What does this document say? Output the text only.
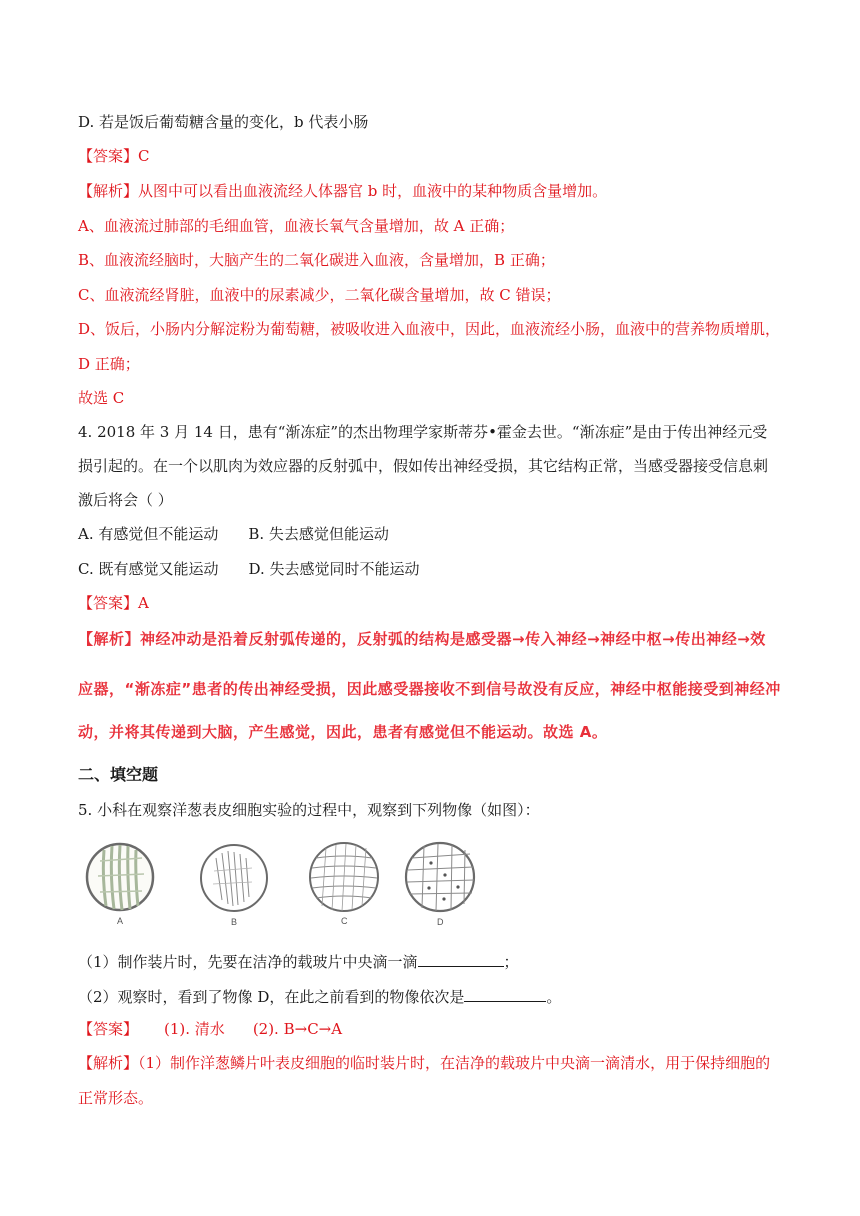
D. 若是饭后葡萄糖含量的变化，b 代表小肠
【答案】C
【解析】从图中可以看出血液流经人体器官 b 时，血液中的某种物质含量增加。
A、血液流过肺部的毛细血管，血液长氧气含量增加，故 A 正确；
B、血液流经脑时，大脑产生的二氧化碳进入血液，含量增加，B 正确；
C、血液流经肾脏，血液中的尿素减少，二氧化碳含量增加，故 C 错误；
D、饭后，小肠内分解淀粉为葡萄糖，被吸收进入血液中，因此，血液流经小肠，血液中的营养物质增肌，
D 正确；
故选 C
4. 2018 年 3 月 14 日，患有“渐冻症”的杰出物理学家斯蒂芬•霍金去世。“渐冻症”是由于传出神经元受
损引起的。在一个以肌肉为效应器的反射弧中，假如传出神经受损，其它结构正常，当感受器接受信息刺
激后将会（ ）
A. 有感觉但不能运动 B. 失去感觉但能运动
C. 既有感觉又能运动 D. 失去感觉同时不能运动
【答案】A
【解析】神经冲动是沿着反射弧传递的，反射弧的结构是感受器→传入神经→神经中枢→传出神经→效
应器，“渐冻症”患者的传出神经受损，因此感受器接收不到信号故没有反应，神经中枢能接受到神经冲
动，并将其传递到大脑，产生感觉，因此，患者有感觉但不能运动。故选 A。
二、填空题
5. 小科在观察洋葱表皮细胞实验的过程中，观察到下列物像（如图）：
A	B	C	D
（1）制作装片时，先要在洁净的载玻片中央滴一滴	；
（2）观察时，看到了物像 D，在此之前看到的物像依次是	。
【答案】 (1). 清水 (2). B→C→A
【解析】（1）制作洋葱鳞片叶表皮细胞的临时装片时，在洁净的载玻片中央滴一滴清水，用于保持细胞的
正常形态。
